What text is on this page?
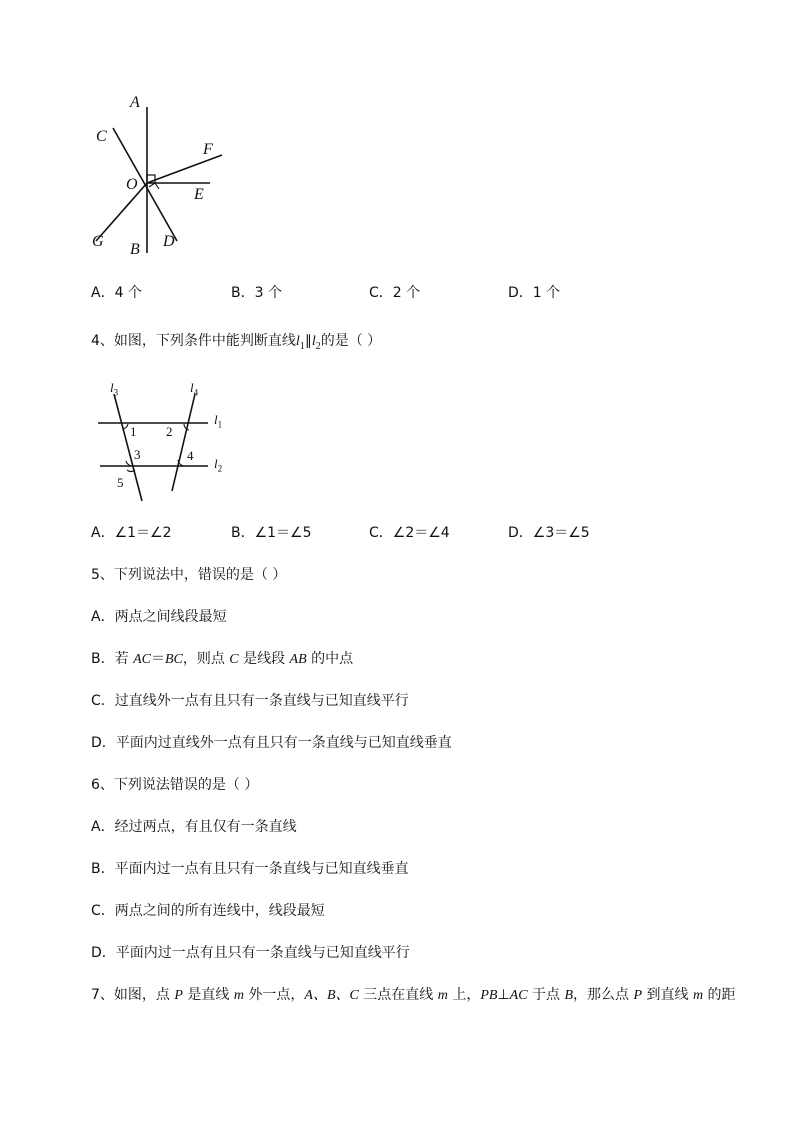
A
C
F
O
E
G B D
A．4 个	B．3 个	C．2 个	D．1 个
4、如图，下列条件中能判断直线$l_1\parallel l_2$的是（ ）
$l_3$	$l_4$
$l_1$
$l_2$
1 2
3	4
5
A．∠1＝∠2	B．∠1＝∠5	C．∠2＝∠4	D．∠3＝∠5
5、下列说法中，错误的是（ ）
A．两点之间线段最短
B．若 AC＝BC，则点 C 是线段 AB 的中点
C．过直线外一点有且只有一条直线与已知直线平行
D．平面内过直线外一点有且只有一条直线与已知直线垂直
6、下列说法错误的是（ ）
A．经过两点，有且仅有一条直线
B．平面内过一点有且只有一条直线与已知直线垂直
C．两点之间的所有连线中，线段最短
D．平面内过一点有且只有一条直线与已知直线平行
7、如图，点 P 是直线 m 外一点，A、B、C 三点在直线 m 上，PB⊥AC 于点 B，那么点 P 到直线 m 的距
